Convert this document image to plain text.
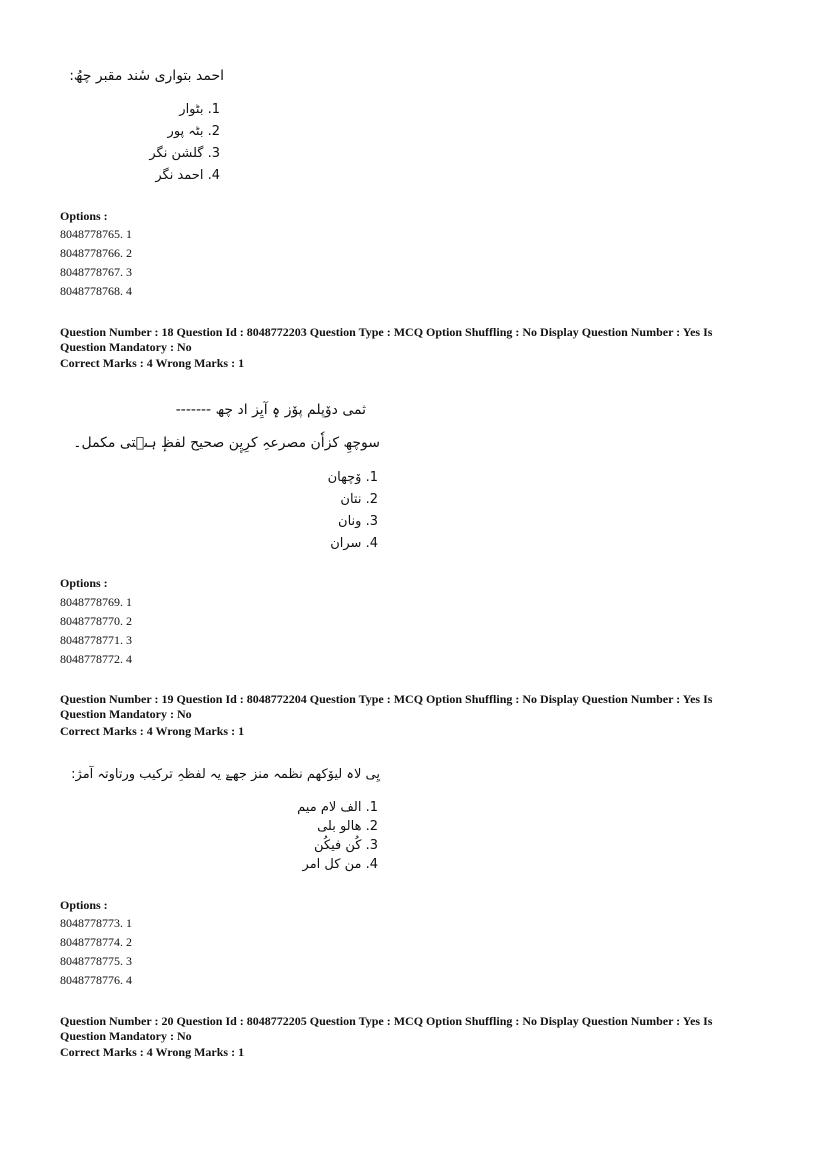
احمد بتواری سٔند مقبر چھُ:
1. بٹوار
2. بٹہ پور
3. گلشن نگر
4. احمد نگر
Options :
8048778765. 1
8048778766. 2
8048778767. 3
8048778768. 4
Question Number : 18 Question Id : 8048772203 Question Type : MCQ Option Shuffling : No Display Question Number : Yes Is
Question Mandatory : No
Correct Marks : 4 Wrong Marks : 1
ثمی دۆپلم پۆز ہٕ آیِز اد چھ -------
سوچھِ کزاٗن مصرعہِ کرِیٕن صحیح لفظٕ ہٮ۪تی مکمل۔
1. وٚچھان
2. نتان
3. ونان
4. سران
Options :
8048778769. 1
8048778770. 2
8048778771. 3
8048778772. 4
Question Number : 19 Question Id : 8048772204 Question Type : MCQ Option Shuffling : No Display Question Number : Yes Is
Question Mandatory : No
Correct Marks : 4 Wrong Marks : 1
یِی لاہ لیوٚکھم نظمہ منز جھےٚ یہ لفظہِ ترکیب ورتاوتہ آمژ:
1. الف لام میم
2. ھالو بلی
3. کُن فیکُن
4. من کل امر
Options :
8048778773. 1
8048778774. 2
8048778775. 3
8048778776. 4
Question Number : 20 Question Id : 8048772205 Question Type : MCQ Option Shuffling : No Display Question Number : Yes Is
Question Mandatory : No
Correct Marks : 4 Wrong Marks : 1
